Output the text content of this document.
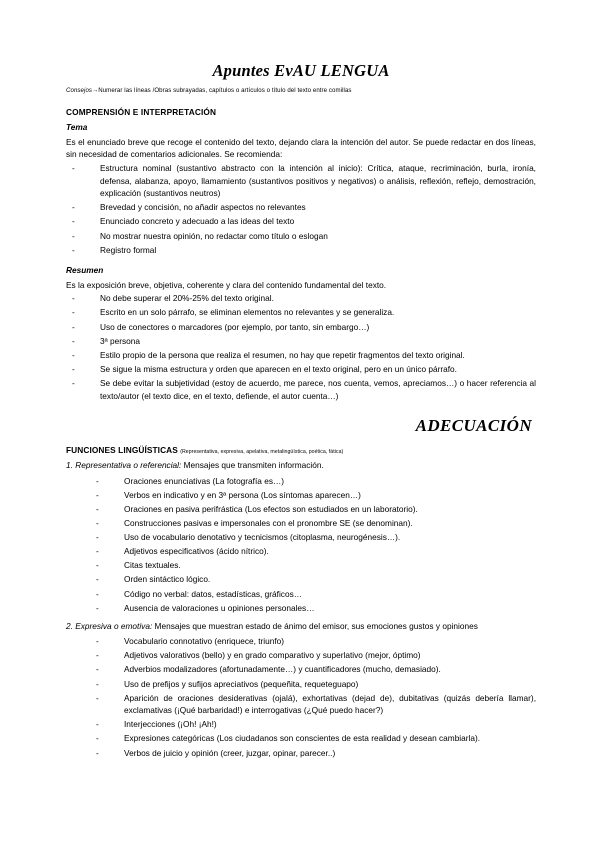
Apuntes EvAU LENGUA

Consejos→Numerar las líneas /Obras subrayadas, capítulos o artículos o título del texto entre comillas

COMPRENSIÓN E INTERPRETACIÓN
Tema

Es el enunciado breve que recoge el contenido del texto, dejando clara la intención del autor. Se puede redactar en dos líneas, sin necesidad de comentarios adicionales. Se recomienda:

- Estructura nominal (sustantivo abstracto con la intención al inicio): Crítica, ataque, recriminación, burla, ironía, defensa, alabanza, apoyo, llamamiento (sustantivos positivos y negativos) o análisis, reflexión, reflejo, demostración, explicación (sustantivos neutros)
- Brevedad y concisión, no añadir aspectos no relevantes
- Enunciado concreto y adecuado a las ideas del texto
- No mostrar nuestra opinión, no redactar como título o eslogan
- Registro formal
Resumen

Es la exposición breve, objetiva, coherente y clara del contenido fundamental del texto.

- No debe superar el 20%-25% del texto original.
- Escrito en un solo párrafo, se eliminan elementos no relevantes y se generaliza.
- Uso de conectores o marcadores (por ejemplo, por tanto, sin embargo…)
- 3ª persona
- Estilo propio de la persona que realiza el resumen, no hay que repetir fragmentos del texto original.
- Se sigue la misma estructura y orden que aparecen en el texto original, pero en un único párrafo.
- Se debe evitar la subjetividad (estoy de acuerdo, me parece, nos cuenta, vemos, apreciamos…) o hacer referencia al texto/autor (el texto dice, en el texto, defiende, el autor cuenta…)
ADECUACIÓN

FUNCIONES LINGÜÍSTICAS (Representativa, expresiva, apelativa, metalingüística, poética, fática)

1. Representativa o referencial: Mensajes que transmiten información.

- Oraciones enunciativas (La fotografía es…)
- Verbos en indicativo y en 3ª persona (Los síntomas aparecen…)
- Oraciones en pasiva perifrástica (Los efectos son estudiados en un laboratorio).
- Construcciones pasivas e impersonales con el pronombre SE (se denominan).
- Uso de vocabulario denotativo y tecnicismos (citoplasma, neurogénesis…).
- Adjetivos especificativos (ácido nítrico).
- Citas textuales.
- Orden sintáctico lógico.
- Código no verbal: datos, estadísticas, gráficos…
- Ausencia de valoraciones u opiniones personales…

2. Expresiva o emotiva: Mensajes que muestran estado de ánimo del emisor, sus emociones gustos y opiniones

- Vocabulario connotativo (enriquece, triunfo)
- Adjetivos valorativos (bello) y en grado comparativo y superlativo (mejor, óptimo)
- Adverbios modalizadores (afortunadamente…) y cuantificadores (mucho, demasiado).
- Uso de prefijos y sufijos apreciativos (pequeñita, requeteguapo)
- Aparición de oraciones desiderativas (ojalá), exhortativas (dejad de), dubitativas (quizás debería llamar), exclamativas (¡Qué barbaridad!) e interrogativas (¿Qué puedo hacer?)
- Interjecciones (¡Oh! ¡Ah!)
- Expresiones categóricas (Los ciudadanos son conscientes de esta realidad y desean cambiarla).
- Verbos de juicio y opinión (creer, juzgar, opinar, parecer..)
